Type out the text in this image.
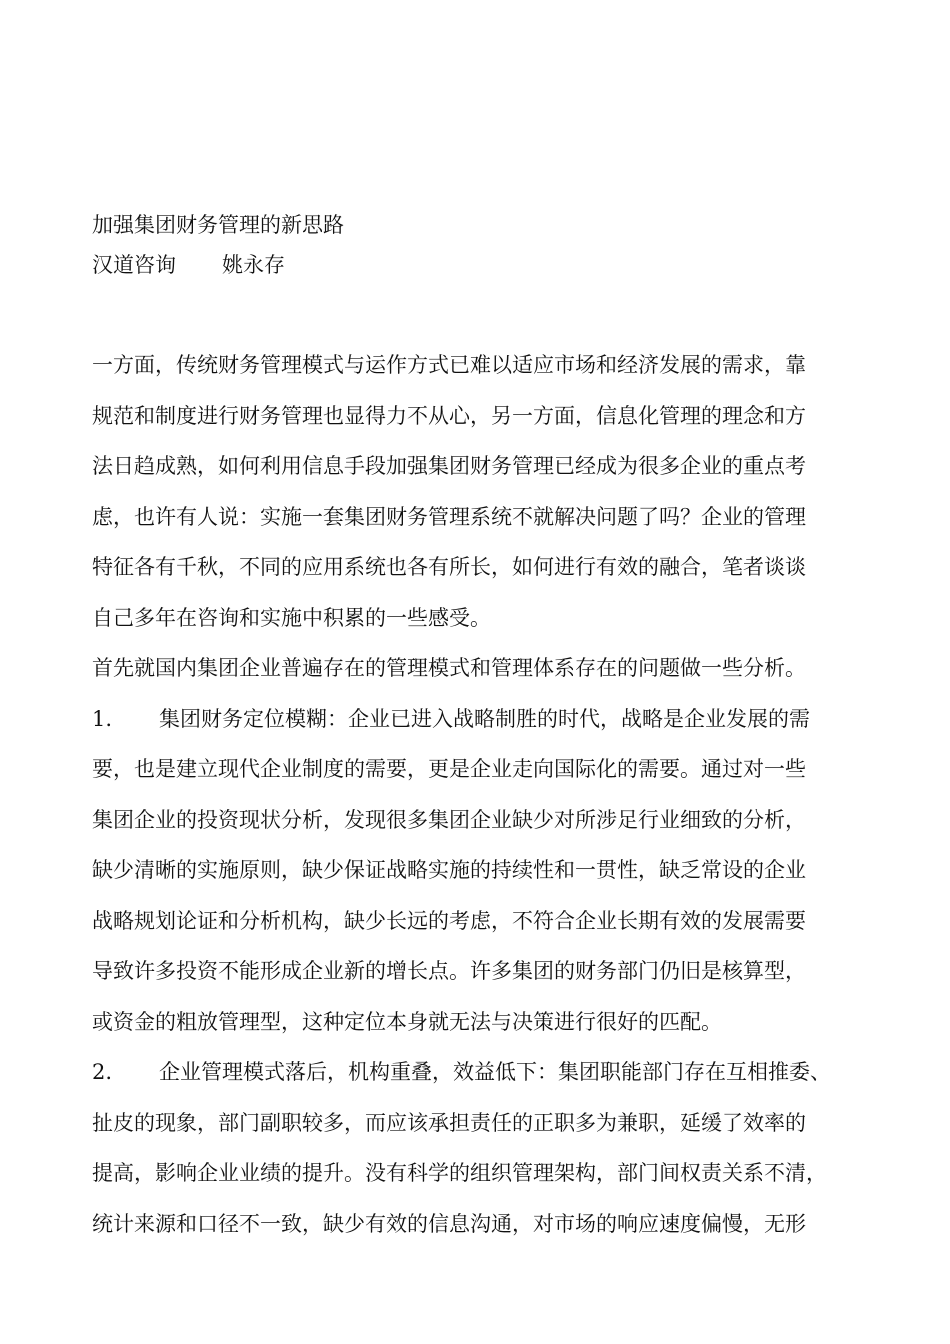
加强集团财务管理的新思路
汉道咨询 姚永存
一方面，传统财务管理模式与运作方式已难以适应市场和经济发展的需求，靠
规范和制度进行财务管理也显得力不从心，另一方面，信息化管理的理念和方
法日趋成熟，如何利用信息手段加强集团财务管理已经成为很多企业的重点考
虑，也许有人说：实施一套集团财务管理系统不就解决问题了吗？企业的管理
特征各有千秋，不同的应用系统也各有所长，如何进行有效的融合，笔者谈谈
自己多年在咨询和实施中积累的一些感受。
首先就国内集团企业普遍存在的管理模式和管理体系存在的问题做一些分析。
1. 集团财务定位模糊：企业已进入战略制胜的时代，战略是企业发展的需
要，也是建立现代企业制度的需要，更是企业走向国际化的需要。通过对一些
集团企业的投资现状分析，发现很多集团企业缺少对所涉足行业细致的分析，
缺少清晰的实施原则，缺少保证战略实施的持续性和一贯性，缺乏常设的企业
战略规划论证和分析机构，缺少长远的考虑，不符合企业长期有效的发展需要
导致许多投资不能形成企业新的增长点。许多集团的财务部门仍旧是核算型，
或资金的粗放管理型，这种定位本身就无法与决策进行很好的匹配。
2. 企业管理模式落后，机构重叠，效益低下：集团职能部门存在互相推委、
扯皮的现象，部门副职较多，而应该承担责任的正职多为兼职，延缓了效率的
提高，影响企业业绩的提升。没有科学的组织管理架构，部门间权责关系不清，
统计来源和口径不一致，缺少有效的信息沟通，对市场的响应速度偏慢，无形
